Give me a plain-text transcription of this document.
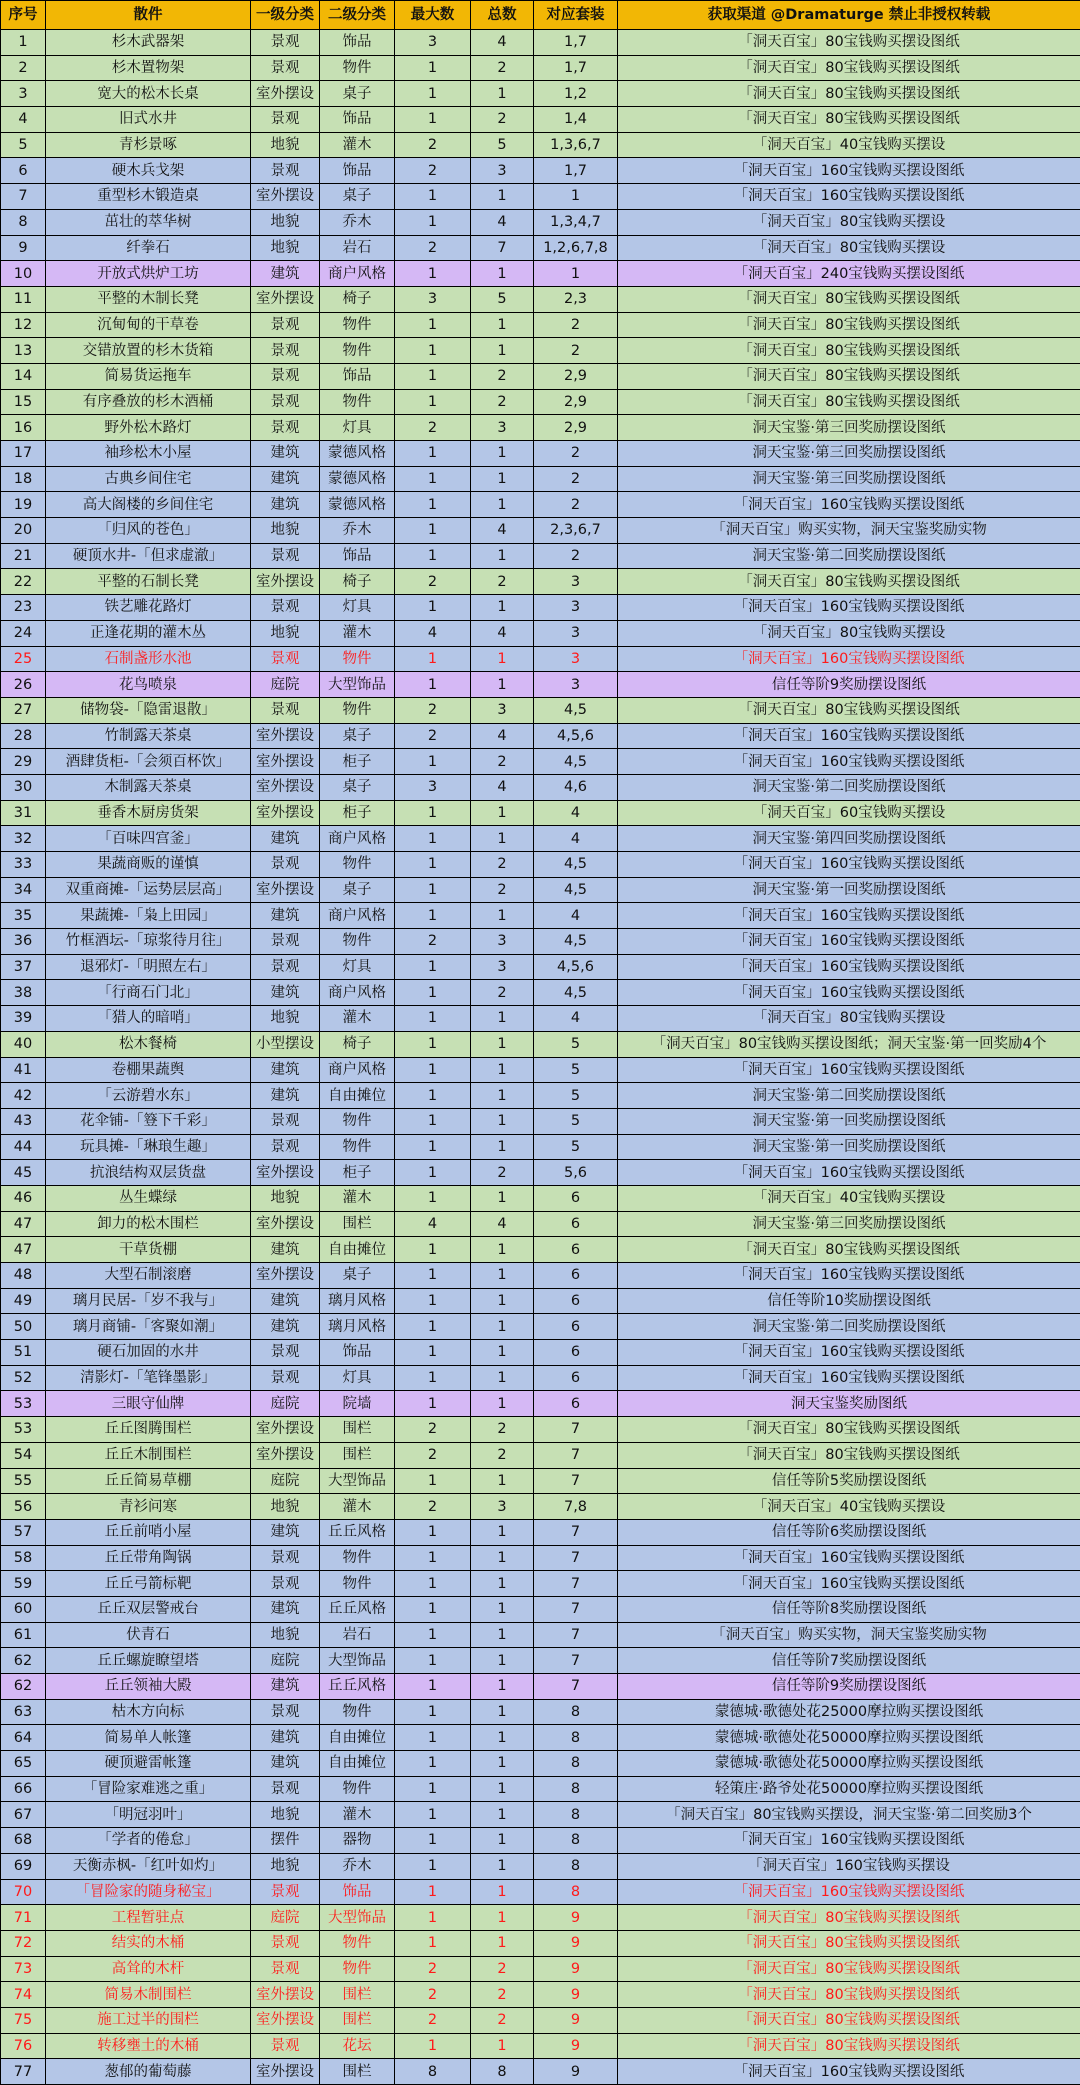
序号	散件	一级分类	二级分类	最大数	总数	对应套装	获取渠道 @Dramaturge 禁止非授权转载
1	杉木武器架	景观	饰品	3	4	1,7	「洞天百宝」80宝钱购买摆设图纸
2	杉木置物架	景观	物件	1	2	1,7	「洞天百宝」80宝钱购买摆设图纸
3	宽大的松木长桌	室外摆设	桌子	1	1	1,2	「洞天百宝」80宝钱购买摆设图纸
4	旧式水井	景观	饰品	1	2	1,4	「洞天百宝」80宝钱购买摆设图纸
5	青杉景啄	地貌	灌木	2	5	1,3,6,7	「洞天百宝」40宝钱购买摆设
6	硬木兵戈架	景观	饰品	2	3	1,7	「洞天百宝」160宝钱购买摆设图纸
7	重型杉木锻造桌	室外摆设	桌子	1	1	1	「洞天百宝」160宝钱购买摆设图纸
8	茁壮的萃华树	地貌	乔木	1	4	1,3,4,7	「洞天百宝」80宝钱购买摆设
9	纤拳石	地貌	岩石	2	7	1,2,6,7,8	「洞天百宝」80宝钱购买摆设
10	开放式烘炉工坊	建筑	商户风格	1	1	1	「洞天百宝」240宝钱购买摆设图纸
11	平整的木制长凳	室外摆设	椅子	3	5	2,3	「洞天百宝」80宝钱购买摆设图纸
12	沉甸甸的干草卷	景观	物件	1	1	2	「洞天百宝」80宝钱购买摆设图纸
13	交错放置的杉木货箱	景观	物件	1	1	2	「洞天百宝」80宝钱购买摆设图纸
14	简易货运拖车	景观	饰品	1	2	2,9	「洞天百宝」80宝钱购买摆设图纸
15	有序叠放的杉木酒桶	景观	物件	1	2	2,9	「洞天百宝」80宝钱购买摆设图纸
16	野外松木路灯	景观	灯具	2	3	2,9	洞天宝鉴·第三回奖励摆设图纸
17	袖珍松木小屋	建筑	蒙德风格	1	1	2	洞天宝鉴·第三回奖励摆设图纸
18	古典乡间住宅	建筑	蒙德风格	1	1	2	洞天宝鉴·第三回奖励摆设图纸
19	高大阁楼的乡间住宅	建筑	蒙德风格	1	1	2	「洞天百宝」160宝钱购买摆设图纸
20	「归风的苍色」	地貌	乔木	1	4	2,3,6,7	「洞天百宝」购买实物，洞天宝鉴奖励实物
21	硬顶水井-「但求虚澈」	景观	饰品	1	1	2	洞天宝鉴·第二回奖励摆设图纸
22	平整的石制长凳	室外摆设	椅子	2	2	3	「洞天百宝」80宝钱购买摆设图纸
23	铁艺雕花路灯	景观	灯具	1	1	3	「洞天百宝」160宝钱购买摆设图纸
24	正逢花期的灌木丛	地貌	灌木	4	4	3	「洞天百宝」80宝钱购买摆设
25	石制盏形水池	景观	物件	1	1	3	「洞天百宝」160宝钱购买摆设图纸
26	花鸟喷泉	庭院	大型饰品	1	1	3	信任等阶9奖励摆设图纸
27	储物袋-「隐雷退散」	景观	物件	2	3	4,5	「洞天百宝」80宝钱购买摆设图纸
28	竹制露天茶桌	室外摆设	桌子	2	4	4,5,6	「洞天百宝」160宝钱购买摆设图纸
29	酒肆货柜-「会须百杯饮」	室外摆设	柜子	1	2	4,5	「洞天百宝」160宝钱购买摆设图纸
30	木制露天茶桌	室外摆设	桌子	3	4	4,6	洞天宝鉴·第二回奖励摆设图纸
31	垂香木厨房货架	室外摆设	柜子	1	1	4	「洞天百宝」60宝钱购买摆设
32	「百味四宫釜」	建筑	商户风格	1	1	4	洞天宝鉴·第四回奖励摆设图纸
33	果蔬商贩的谨慎	景观	物件	1	2	4,5	「洞天百宝」160宝钱购买摆设图纸
34	双重商摊-「运势层层高」	室外摆设	桌子	1	2	4,5	洞天宝鉴·第一回奖励摆设图纸
35	果蔬摊-「枭上田园」	建筑	商户风格	1	1	4	「洞天百宝」160宝钱购买摆设图纸
36	竹框酒坛-「琼浆待月往」	景观	物件	2	3	4,5	「洞天百宝」160宝钱购买摆设图纸
37	退邪灯-「明照左右」	景观	灯具	1	3	4,5,6	「洞天百宝」160宝钱购买摆设图纸
38	「行商石门北」	建筑	商户风格	1	2	4,5	「洞天百宝」160宝钱购买摆设图纸
39	「猎人的暗哨」	地貌	灌木	1	1	4	「洞天百宝」80宝钱购买摆设
40	松木餐椅	小型摆设	椅子	1	1	5	「洞天百宝」80宝钱购买摆设图纸；洞天宝鉴·第一回奖励4个
41	卷棚果蔬舆	建筑	商户风格	1	1	5	「洞天百宝」160宝钱购买摆设图纸
42	「云游碧水东」	建筑	自由摊位	1	1	5	洞天宝鉴·第二回奖励摆设图纸
43	花伞铺-「簦下千彩」	景观	物件	1	1	5	洞天宝鉴·第一回奖励摆设图纸
44	玩具摊-「琳琅生趣」	景观	物件	1	1	5	洞天宝鉴·第一回奖励摆设图纸
45	抗浪结构双层货盘	室外摆设	柜子	1	2	5,6	「洞天百宝」160宝钱购买摆设图纸
46	丛生蝶绿	地貌	灌木	1	1	6	「洞天百宝」40宝钱购买摆设
47	卸力的松木围栏	室外摆设	围栏	4	4	6	洞天宝鉴·第三回奖励摆设图纸
47	干草货棚	建筑	自由摊位	1	1	6	「洞天百宝」80宝钱购买摆设图纸
48	大型石制滚磨	室外摆设	桌子	1	1	6	「洞天百宝」160宝钱购买摆设图纸
49	璃月民居-「岁不我与」	建筑	璃月风格	1	1	6	信任等阶10奖励摆设图纸
50	璃月商铺-「客聚如潮」	建筑	璃月风格	1	1	6	洞天宝鉴·第二回奖励摆设图纸
51	硬石加固的水井	景观	饰品	1	1	6	「洞天百宝」160宝钱购买摆设图纸
52	清影灯-「笔锋墨影」	景观	灯具	1	1	6	「洞天百宝」160宝钱购买摆设图纸
53	三眼守仙牌	庭院	院墙	1	1	6	洞天宝鉴奖励图纸
53	丘丘图腾围栏	室外摆设	围栏	2	2	7	「洞天百宝」80宝钱购买摆设图纸
54	丘丘木制围栏	室外摆设	围栏	2	2	7	「洞天百宝」80宝钱购买摆设图纸
55	丘丘简易草棚	庭院	大型饰品	1	1	7	信任等阶5奖励摆设图纸
56	青衫问寒	地貌	灌木	2	3	7,8	「洞天百宝」40宝钱购买摆设
57	丘丘前哨小屋	建筑	丘丘风格	1	1	7	信任等阶6奖励摆设图纸
58	丘丘带角陶锅	景观	物件	1	1	7	「洞天百宝」160宝钱购买摆设图纸
59	丘丘弓箭标靶	景观	物件	1	1	7	「洞天百宝」160宝钱购买摆设图纸
60	丘丘双层警戒台	建筑	丘丘风格	1	1	7	信任等阶8奖励摆设图纸
61	伏青石	地貌	岩石	1	1	7	「洞天百宝」购买实物，洞天宝鉴奖励实物
62	丘丘螺旋瞭望塔	庭院	大型饰品	1	1	7	信任等阶7奖励摆设图纸
62	丘丘领袖大殿	建筑	丘丘风格	1	1	7	信任等阶9奖励摆设图纸
63	枯木方向标	景观	物件	1	1	8	蒙德城·歌德处花25000摩拉购买摆设图纸
64	简易单人帐篷	建筑	自由摊位	1	1	8	蒙德城·歌德处花50000摩拉购买摆设图纸
65	硬顶避雷帐篷	建筑	自由摊位	1	1	8	蒙德城·歌德处花50000摩拉购买摆设图纸
66	「冒险家难逃之重」	景观	物件	1	1	8	轻策庄·路爷处花50000摩拉购买摆设图纸
67	「明冠羽叶」	地貌	灌木	1	1	8	「洞天百宝」80宝钱购买摆设，洞天宝鉴·第二回奖励3个
68	「学者的倦怠」	摆件	器物	1	1	8	「洞天百宝」160宝钱购买摆设图纸
69	天衡赤枫-「红叶如灼」	地貌	乔木	1	1	8	「洞天百宝」160宝钱购买摆设
70	「冒险家的随身秘宝」	景观	饰品	1	1	8	「洞天百宝」160宝钱购买摆设图纸
71	工程暂驻点	庭院	大型饰品	1	1	9	「洞天百宝」80宝钱购买摆设图纸
72	结实的木桶	景观	物件	1	1	9	「洞天百宝」80宝钱购买摆设图纸
73	高耸的木杆	景观	物件	2	2	9	「洞天百宝」80宝钱购买摆设图纸
74	简易木制围栏	室外摆设	围栏	2	2	9	「洞天百宝」80宝钱购买摆设图纸
75	施工过半的围栏	室外摆设	围栏	2	2	9	「洞天百宝」80宝钱购买摆设图纸
76	转移壅土的木桶	景观	花坛	1	1	9	「洞天百宝」80宝钱购买摆设图纸
77	葱郁的葡萄藤	室外摆设	围栏	8	8	9	「洞天百宝」160宝钱购买摆设图纸
